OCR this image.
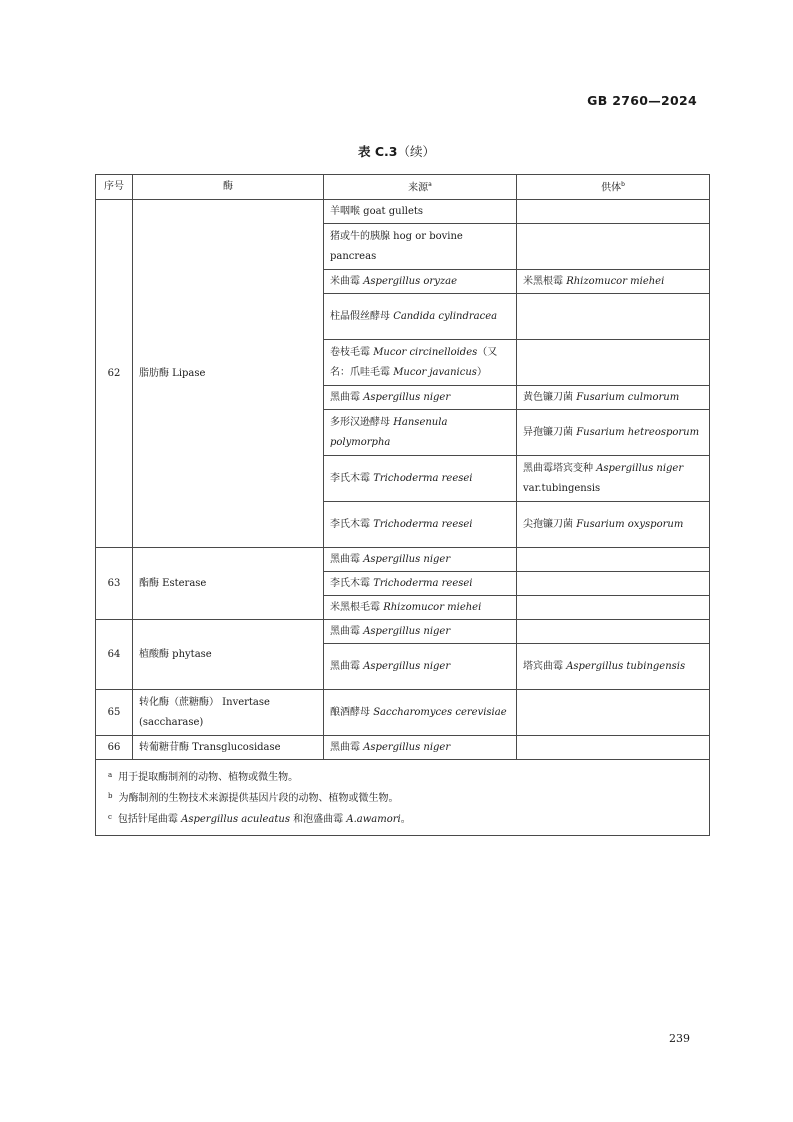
GB 2760—2024
表 C.3（续）
序号	酶	来源$^a$	供体$^b$
62	脂肪酶 Lipase	羊咽喉 goat gullets	
		猪或牛的胰腺 hog or bovine pancreas	
		米曲霉 Aspergillus oryzae	米黑根霉 Rhizomucor miehei
		柱晶假丝酵母 Candida cylindracea	
		卷枝毛霉 Mucor circinelloides（又名：爪哇毛霉 Mucor javanicus）	
		黑曲霉 Aspergillus niger	黄色镰刀菌 Fusarium culmorum
		多形汉逊酵母 Hansenula polymorpha	异孢镰刀菌 Fusarium hetreosporum
		李氏木霉 Trichoderma reesei	黑曲霉塔宾变种 Aspergillus niger var.tubingensis
		李氏木霉 Trichoderma reesei	尖孢镰刀菌 Fusarium oxysporum
63	酯酶 Esterase	黑曲霉 Aspergillus niger	
		李氏木霉 Trichoderma reesei	
		米黑根毛霉 Rhizomucor miehei	
64	植酸酶 phytase	黑曲霉 Aspergillus niger	
		黑曲霉 Aspergillus niger	塔宾曲霉 Aspergillus tubingensis
65	转化酶（蔗糖酶） Invertase (saccharase)	酿酒酵母 Saccharomyces cerevisiae	
66	转葡糖苷酶 Transglucosidase	黑曲霉 Aspergillus niger	

$^a$ 用于提取酶制剂的动物、植物或微生物。
$^b$ 为酶制剂的生物技术来源提供基因片段的动物、植物或微生物。
$^c$ 包括针尾曲霉 Aspergillus aculeatus 和泡盛曲霉 A.awamori。			
239
